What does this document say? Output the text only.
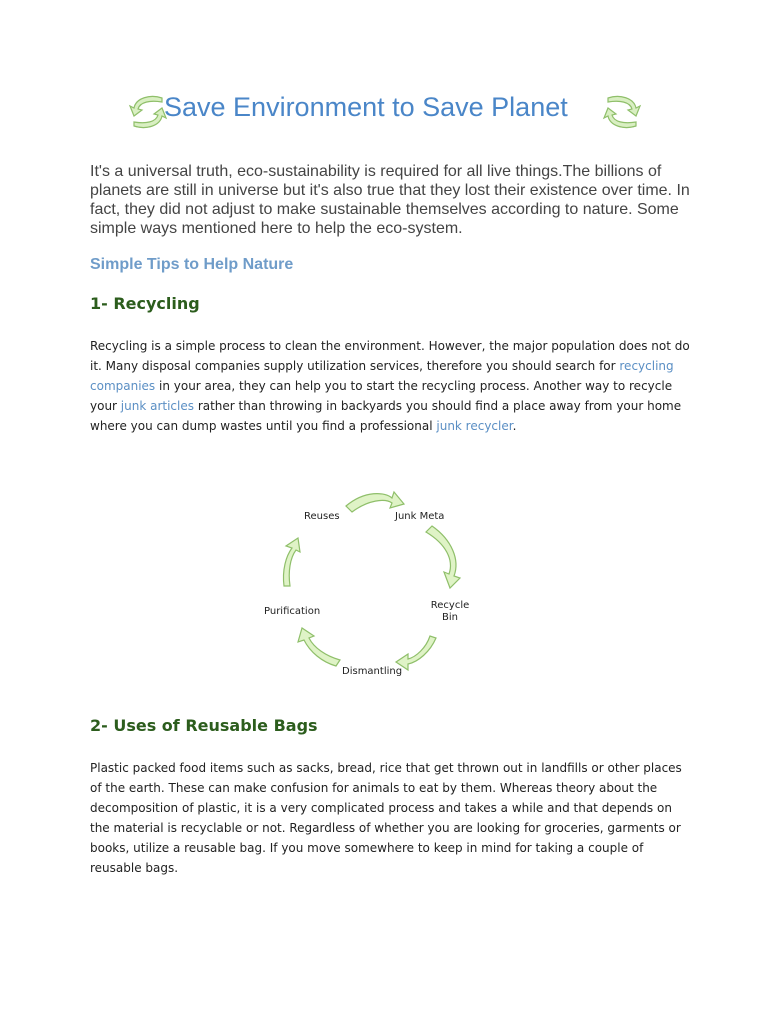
Save Environment to Save Planet

It's a universal truth, eco-sustainability is required for all live things.The billions of planets are still in universe but it's also true that they lost their existence over time. In fact, they did not adjust to make sustainable themselves according to nature. Some simple ways mentioned here to help the eco-system.

Simple Tips to Help Nature
1- Recycling
Recycling is a simple process to clean the environment. However, the major population does not do it. Many disposal companies supply utilization services, therefore you should search for recycling companies in your area, they can help you to start the recycling process. Another way to recycle your junk articles rather than throwing in backyards you should find a place away from your home where you can dump wastes until you find a professional junk recycler.
Reuses	Junk Meta
Recycle Bin
Dismantling
Purification
2- Uses of Reusable Bags
Plastic packed food items such as sacks, bread, rice that get thrown out in landfills or other places of the earth. These can make confusion for animals to eat by them. Whereas theory about the decomposition of plastic, it is a very complicated process and takes a while and that depends on the material is recyclable or not. Regardless of whether you are looking for groceries, garments or books, utilize a reusable bag. If you move somewhere to keep in mind for taking a couple of reusable bags.
